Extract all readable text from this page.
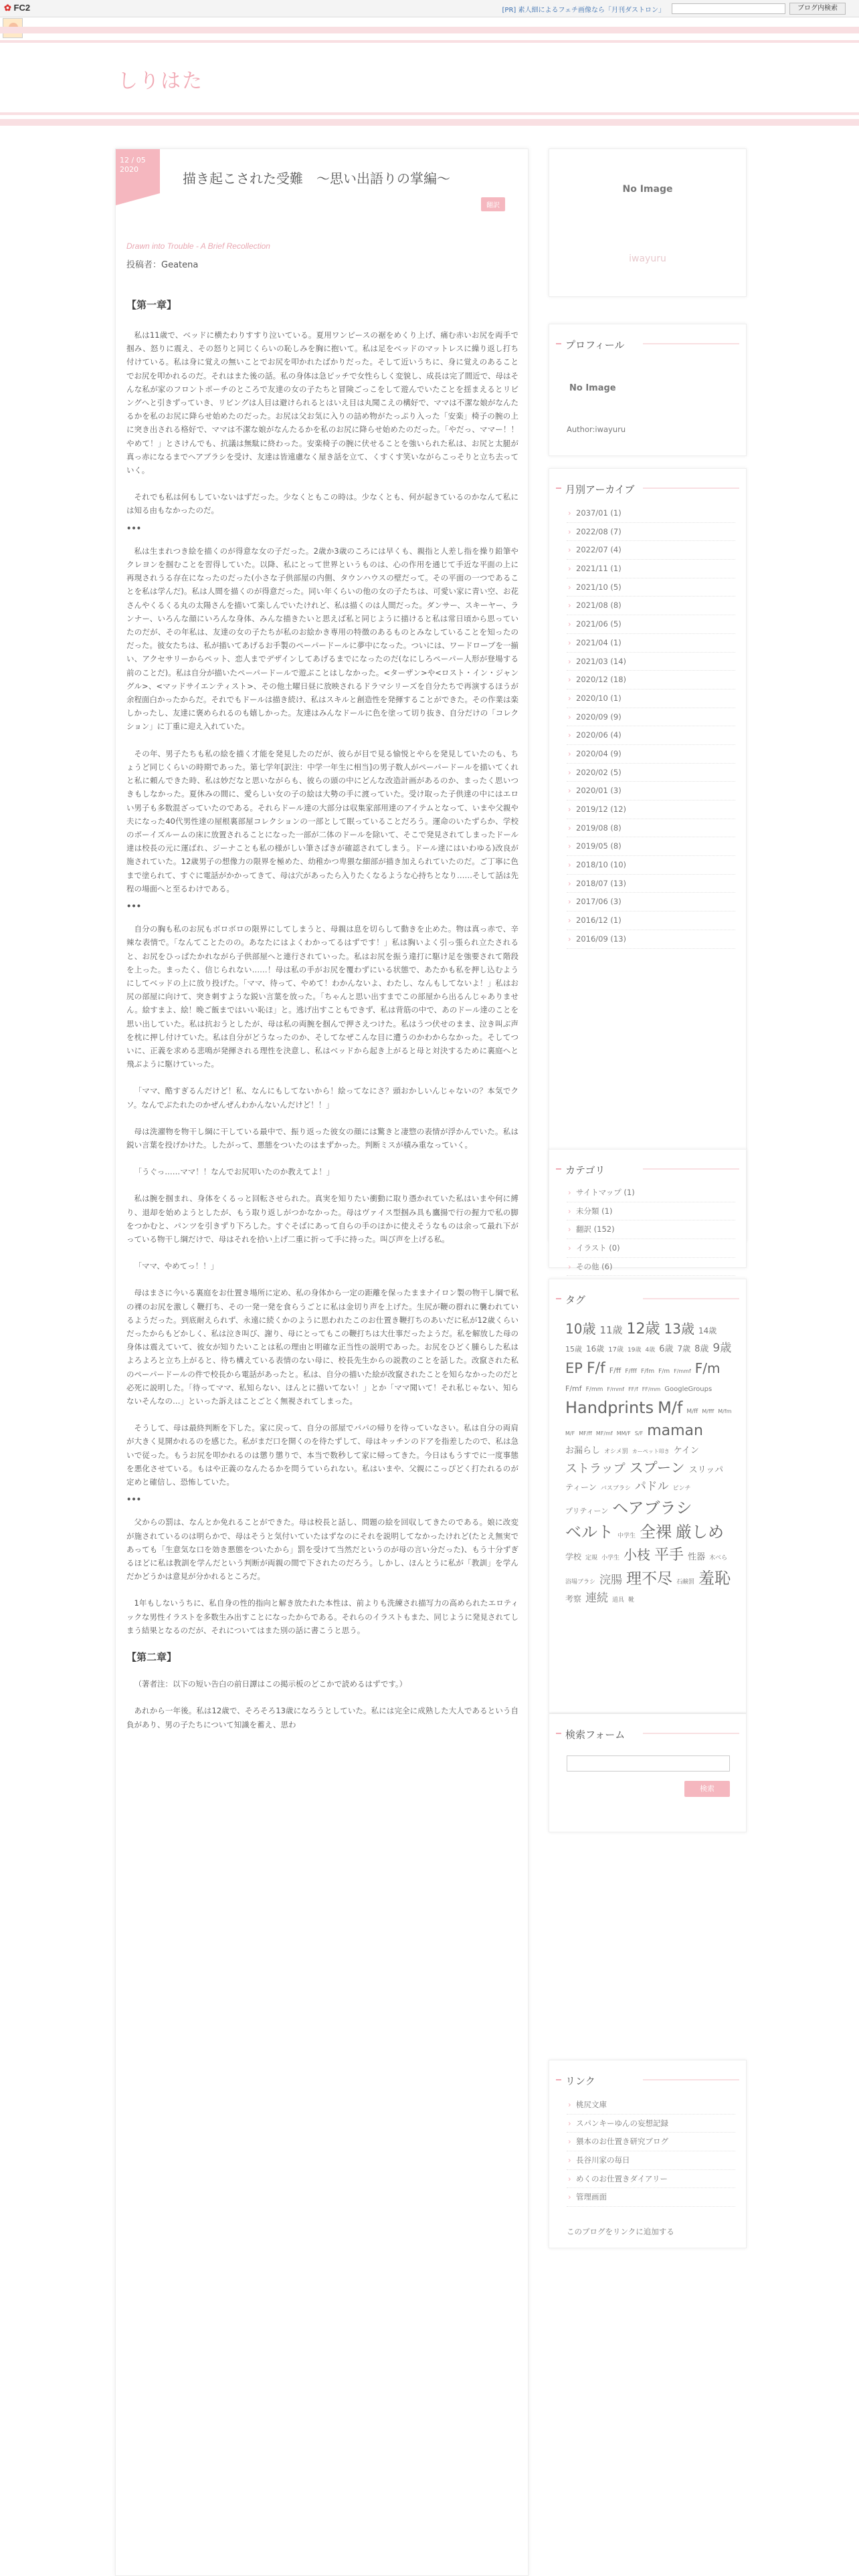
✿ FC2	[PR] 素人細によるフェチ画像なら「月刊ダストロン」	ブログ内検索
しりはた
12 / 05
2020
描き起こされた受難　〜思い出語りの掌編〜
翻訳
Drawn into Trouble - A Brief Recollection
投稿者：Geatena
【第一章】

私は11歳で、ベッドに横たわりすすり泣いている。夏用ワンピースの裾をめくり上げ、痛む赤いお尻を両手で掴み、怒りに震え、その怒りと同じくらいの恥しみを胸に抱いて。私は足をベッドのマットレスに繰り返し打ち付けている。私は身に覚えの無いことでお尻を叩かれたばかりだった。そして近いうちに、身に覚えのあることでお尻を叩かれるのだ。それはまた後の話。私の身体は急ピッチで女性らしく変貌し、成長は完了間近で、母はそんな私が家のフロントポーチのところで友達の女の子たちと冒険ごっこをして遊んでいたことを揺まえるとリビングへと引きずっていき、リビングは人目は避けられるとはいえ目は丸聞こえの構好で、ママは不潔な娘がなんたるかを私のお尻に降らせ始めたのだった。お尻は父お気に入りの詰め物がたっぷり入った「安楽」椅子の腕の上に突き出される格好で、ママは不潔な娘がなんたるかを私のお尻に降らせ始めたのだった。「やだっ、ママー！！やめて！」とさけんでも、抗議は無駄に終わった。安楽椅子の腕に伏せることを強いられた私は、お尻と太腿が真っ赤になるまでヘアブラシを受け、友達は皆遠慮なく屋き話を立て、くすくす笑いながらこっそりと立ち去っていく。

それでも私は何もしていないはずだった。少なくともこの時は。少なくとも、何が起きているのかなんて私には知る由もなかったのだ。

•••

私は生まれつき絵を描くのが得意な女の子だった。2歳か3歳のころには早くも、親指と人差し指を操り鉛筆やクレヨンを掴むことを習得していた。以降、私にとって世界というものは、心の作用を通じて手近な平面の上に再現されうる存在になったのだった(小さな子供部屋の内側、タウンハウスの壁だって。その平面の一つであることを私は学んだ)。私は人間を描くのが得意だった。同い年くらいの他の女の子たちは、可愛い家に青い空、お花さんやくるくる丸の太陽さんを描いて楽しんでいたけれど、私は描くのは人間だった。ダンサー、スキーヤー、ランナー、いろんな顔にいろんな身体、みんな描きたいと思えば私と同じように描けると私は常日頃から思っていたのだが、その年私は、友達の女の子たちが私のお絵かき専用の特徴のあるものとみなしていることを知ったのだった。彼女たちは、私が描いてあげるお手製のペーパードールに夢中になった。ついには、ワードローブを一揃い、アクセサリーからペット、恋人までデザインしてあげるまでになったのだ(なにしろペーパー人形が登場する前のことだ)。私は自分が描いたペーパードールで遊ぶことはしなかった。<ターザン>や<ロスト・イン・ジャングル>、<マッドサイエンティスト>、その他土曜日昼に放映されるドラマシリーズを自分たちで再演するほうが余程面白かったからだ。それでもドールは描き続け、私はスキルと創造性を発揮することができた。その作業は楽しかったし、友達に褒められるのも嬉しかった。友達はみんなドールに色を塗って切り抜き、自分だけの「コレクション」に丁重に迎え入れていた。

その年、男子たちも私の絵を描く才能を発見したのだが、彼らが目で見る愉悦とやらを発見していたのも、ちょうど同じくらいの時期であった。第七学年[訳注：中学一年生に相当]の男子数人がペーパードールを描いてくれと私に頼んできた時、私は妙だなと思いながらも、彼らの頭の中にどんな改造計画があるのか、まったく思いつきもしなかった。夏休みの間に、愛らしい女の子の絵は大勢の手に渡っていた。受け取った子供達の中にはエロい男子も多数混ざっていたのである。それらドール達の大部分は収集家部用達のアイテムとなって、いまや父親や夫になった40代男性達の屋根裏部屋コレクションの一部として眠っていることだろう。運命のいたずらか、学校のボーイズルームの床に放置されることになった一部が二体のドールを除いて、そこで発見されてしまったドール達は校長の元に運ばれ、ジーナことも私の様がしい筆さばきが確認されてしまう。ドール達にはいわゆる)改良が施されていた。12歳男子の想像力の限界を極めた、幼稚かつ卑猥な細部が描き加えられていたのだ。ご丁寧に色まで塗られて、すぐに電話がかかってきて、母は穴があったら入りたくなるような心持ちとなり……そして話は先程の場面へと至るわけである。

•••

自分の胸も私のお尻もボロボロの限界にしてしまうと、母親は息を切らして動きを止めた。物は真っ赤で、辛辣な表情で。「なんてことたのの。あなたにはよくわかってるはずです！」私は胸いよく引っ張られ立たされると、お尻をひっぱたかれながら子供部屋へと連行されていった。私はお尻を振う違打に駆け足を強要されて階段を上った。まったく、信じられない……！母は私の手がお尻を覆わずにいる状態で、あたかも私を押し込むようにしてベッドの上に放り投げた。「ママ、待って、やめて！わかんないよ、わたし、なんもしてないよ！」私はお尻の部屋に向けて、突き刺すような鋭い言葉を放った。「ちゃんと思い出すまでこの部屋から出るんじゃありません。絵すまよ、絵！晩ご飯まではいい恥ほ」と。逃げ出すこともできず、私は背筋の中で、あのドール達のことを思い出していた。私は抗おうとしたが、母は私の両腕を掴んで押さえつけた。私はうつ伏せのまま、泣き叫ぶ声を枕に押し付けていた。私は自分がどうなったのか、そしてなぜこんな目に遭うのかわからなかった。そしてついに、正義を求める悲鳴が発揮される理性を決意し、私はベッドから起き上がると母と対決するために裏庭へと飛ぶように駆けていった。

「ママ、酷すぎるんだけど！私、なんにもしてないから！絵ってなにさ？頭おかしいんじゃないの？本気でクソ。なんでぶたれたのかぜんぜんわかんないんだけど！！」

母は洗濯物を物干し綱に干している最中で、振り返った彼女の顔には驚きと凄惣の表情が浮かんでいた。私は鋭い言葉を投げかけた。したがって、悪態をついたのはまずかった。判断ミスが積み重なっていく。

「うぐっ……ママ！！なんでお尻叩いたのか教えてよ！」

私は腕を掴まれ、身体をくるっと回転させられた。真実を知りたい衝動に取り憑かれていた私はいまや何に縛り、退却を始めようとしたが、もう取り返しがつかなかった。母はヴァイス型掴み具も鷹揚で行の握力で私の脚をつかむと、パンツを引きずり下ろした。すぐそばにあって自らの手のほかに使えそうなものは余って最れ下がっている物干し綱だけで、母はそれを拾い上げ二重に折って手に持った。叫び声を上げる私。

「ママ、やめてっ！！」

母はまさに今いる裏庭をお仕置き場所に定め、私の身体から一定の距離を保ったままナイロン製の物干し綱で私の裸のお尻を激しく鞭打ち、その一発一発を食らうごとに私は金切り声を上げた。生尻が鞭の群れに襲われているようだった。到底耐えられず、永遠に続くかのように思われたこのお仕置き鞭打ちのあいだに私が12歳くらいだったからもどかしく、私は泣き叫び、謝り、母にとってもこの鞭打ちは大仕事だったようだ。私を解放した母の身体は震えていて、彼女が知りたいことは私の理由と明確な正当性の説明であった。お尻をひどく腫らした私はよろよろと立ち上がると、待ち構えている表情のない母に、校長先生からの説教のことを話した。改竄された私のペーパードールの件で校長から電話があったと。私は、自分の描いた絵が改竄されたことを知らなかったのだと必死に説明した。「待ってママ、私知らない、ほんとに描いてない！」とか「ママ聞いて！それ私じゃない、知らないそんなの…」といった訴えはことごとく無視されてしまった。

そうして、母は最終判断を下した。家に戻って、自分の部屋でパパの帰りを待っていなさい。私は自分の両肩が大きく見開かれるのを感じた。私がまだ口を開くのを待たずして、母はキッチンのドアを指差したので、私は急いで従った。もうお尻を叩かれるのは懲り懲りで、本当で数秒して家に帰ってきた。今日はもうすでに一度事態を悪化させている。もはや正義のなんたるかを問うていられない。私はいまや、父親にこっぴどく打たれるのが定めと確信し、恐怖していた。

•••

父からの罰は、なんとか免れることができた。母は校長と話し、問題の絵を回収してきたのである。娘に改変が施されているのは明らかで、母はそうと気付いていたはずなのにそれを説明してなかったけれど(たとえ無実であっても「生意気な口を効き悪態をついたから」罰を受けて当然だというのが母の言い分だった)、もう十分ずぎるほどに私は教訓を学んだという判断が両親の間で下されたのだろう。しかし、ほんとうに私が「教訓」を学んだかどうかは意見が分かれるところだ。

1年もしないうちに、私自身の性的指向と解き放たれた本性は、前よりも洗練され描写力の高められたエロティックな男性イラストを多数生み出すことになったからである。それらのイラストもまた、同じように発見されてしまう結果となるのだが、それについてはまた別の話に書こうと思う。

【第二章】

（著者注：以下の短い告白の前日譚はこの掲示板のどこかで読めるはずです。）

あれから一年後。私は12歳で、そろそろ13歳になろうとしていた。私には完全に成熟した大人であるという自負があり、男の子たちについて知識を蓄え、思わ

No Image
iwayuru
プロフィール
No Image
Author:iwayuru
月別アーカイブ
› 2037/01 (1)
› 2022/08 (7)
› 2022/07 (4)
› 2021/11 (1)
› 2021/10 (5)
› 2021/08 (8)
› 2021/06 (5)
› 2021/04 (1)
› 2021/03 (14)
› 2020/12 (18)
› 2020/10 (1)
› 2020/09 (9)
› 2020/06 (4)
› 2020/04 (9)
› 2020/02 (5)
› 2020/01 (3)
› 2019/12 (12)
› 2019/08 (8)
› 2019/05 (8)
› 2018/10 (10)
› 2018/07 (13)
› 2017/06 (3)
› 2016/12 (1)
› 2016/09 (13)
カテゴリ
› サイトマップ (1)
› 未分類 (1)
› 翻訳 (152)
› イラスト (0)
› その他 (6)
›
タグ
10歳 11歳 12歳 13歳 14歳15歳 16歳 17歳 19歳 4歳 6歳 7歳 8歳 9歳EP F/f F/ff F/fff F/fm F/m F/mmf F/mF/mf F/mm F/mmf FF/f FF/mm GoogleGroupsHandprints M/f M/ff M/fff M/fmM/F MF/ff MF/mf MM/F S/F mamanお漏らし オシメ罰 カーペット叩き ケインストラップ スプーン スリッパティーン バスブラシ パドル ピンチプリティーン ヘアブラシベルト 中学生 全裸 厳しめ学校 定規 小学生 小枝 平手 性器 木べら浴場ブラシ 浣腸 理不尽 石鹸罰 羞恥考察 連続 道具 靴
検索フォーム
検索
リンク
› 桃尻文庫
› スパンキーゆんの妄想記録
› 猥本のお仕置き研究ブログ
› 長谷川家の毎日
› めくのお仕置きダイアリー
› 管理画面
このブログをリンクに追加する
